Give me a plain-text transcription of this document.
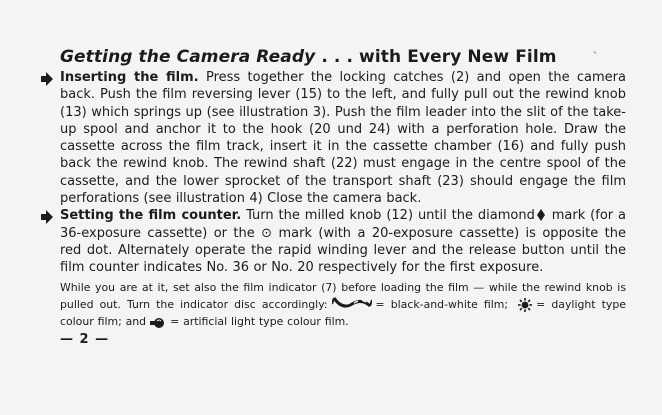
Getting the Camera Ready . . . with Every New Film	`

Inserting the film. Press together the locking catches (2) and open the camera back. Push the film reversing lever (15) to the left, and fully pull out the rewind knob (13) which springs up (see illustration 3). Push the film leader into the slit of the take-up spool and anchor it to the hook (20 und 24) with a perforation hole. Draw the cassette across the film track, insert it in the cassette chamber (16) and fully push back the rewind knob. The rewind shaft (22) must engage in the centre spool of the cassette, and the lower sprocket of the transport shaft (23) should engage the film perforations (see illustration 4) Close the camera back.

Setting the film counter. Turn the milled knob (12) until the diamond mark (for a 36-exposure cassette) or the ⊙ mark (with a 20-exposure cassette) is opposite the red dot. Alternately operate the rapid winding lever and the release button until the film counter indicates No. 36 or No. 20 respectively for the first exposure.

While you are at it, set also the film indicator (7) before loading the film — while the rewind knob is pulled out. Turn the indicator disc accordingly:	= black-and-white film;	= daylight type colour film; and = artificial light type colour film.

— 2 —
